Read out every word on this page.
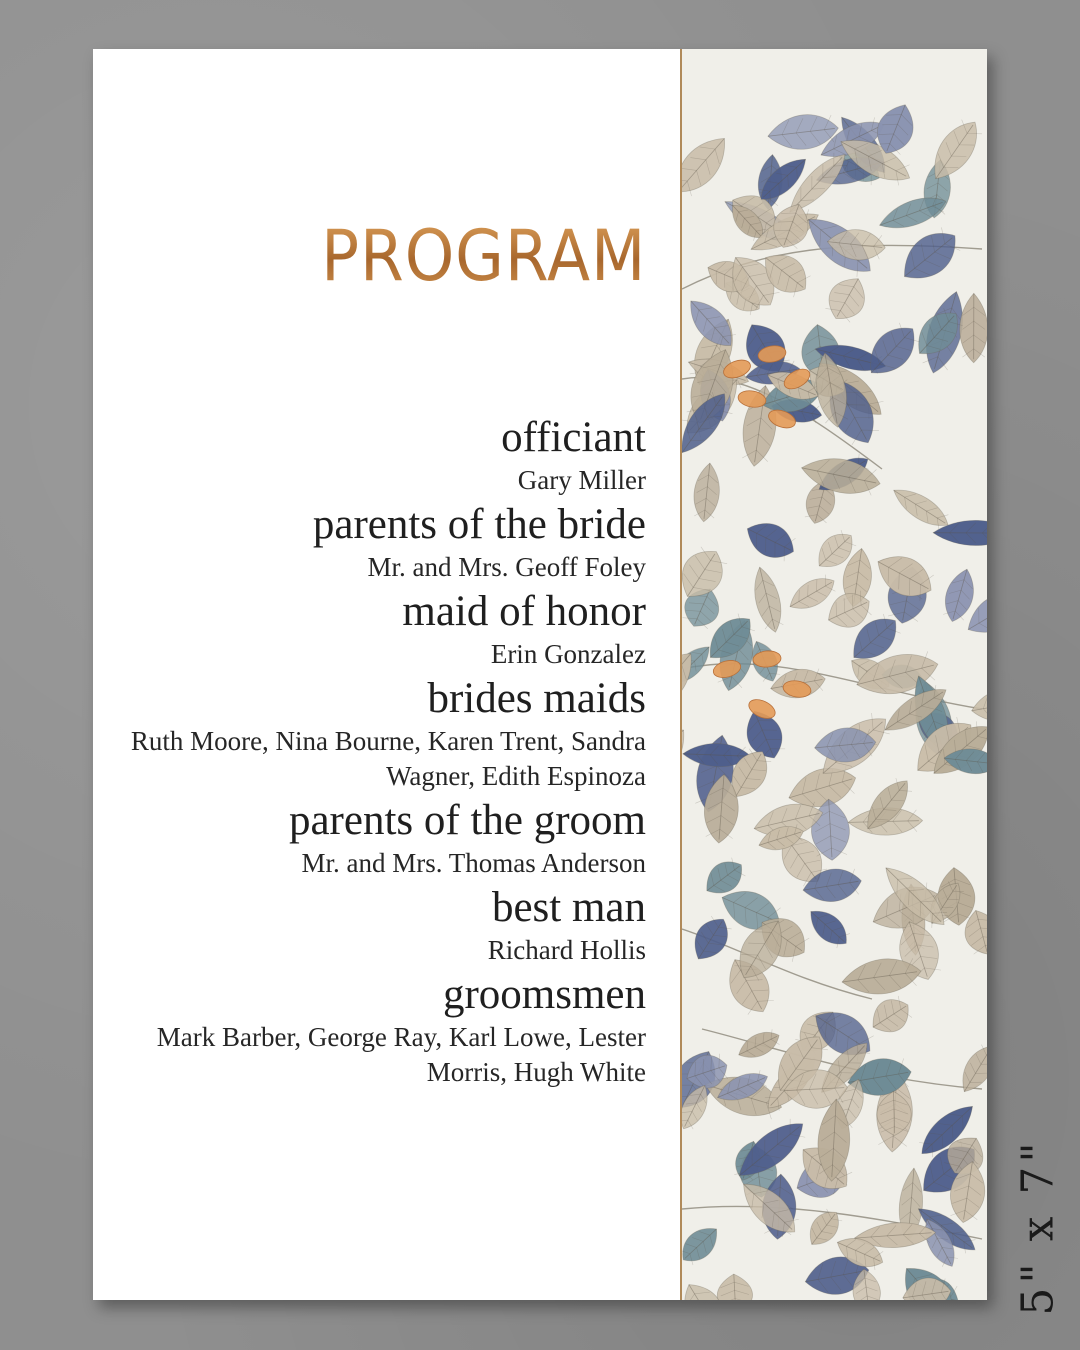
PROGRAM
officiant
Gary Miller
parents of the bride
Mr. and Mrs. Geoff Foley
maid of honor
Erin Gonzalez
brides maids
Ruth Moore, Nina Bourne, Karen Trent, Sandra Wagner, Edith Espinoza
parents of the groom
Mr. and Mrs. Thomas Anderson
best man
Richard Hollis
groomsmen
Mark Barber, George Ray, Karl Lowe, Lester Morris, Hugh White
5" x 7"
